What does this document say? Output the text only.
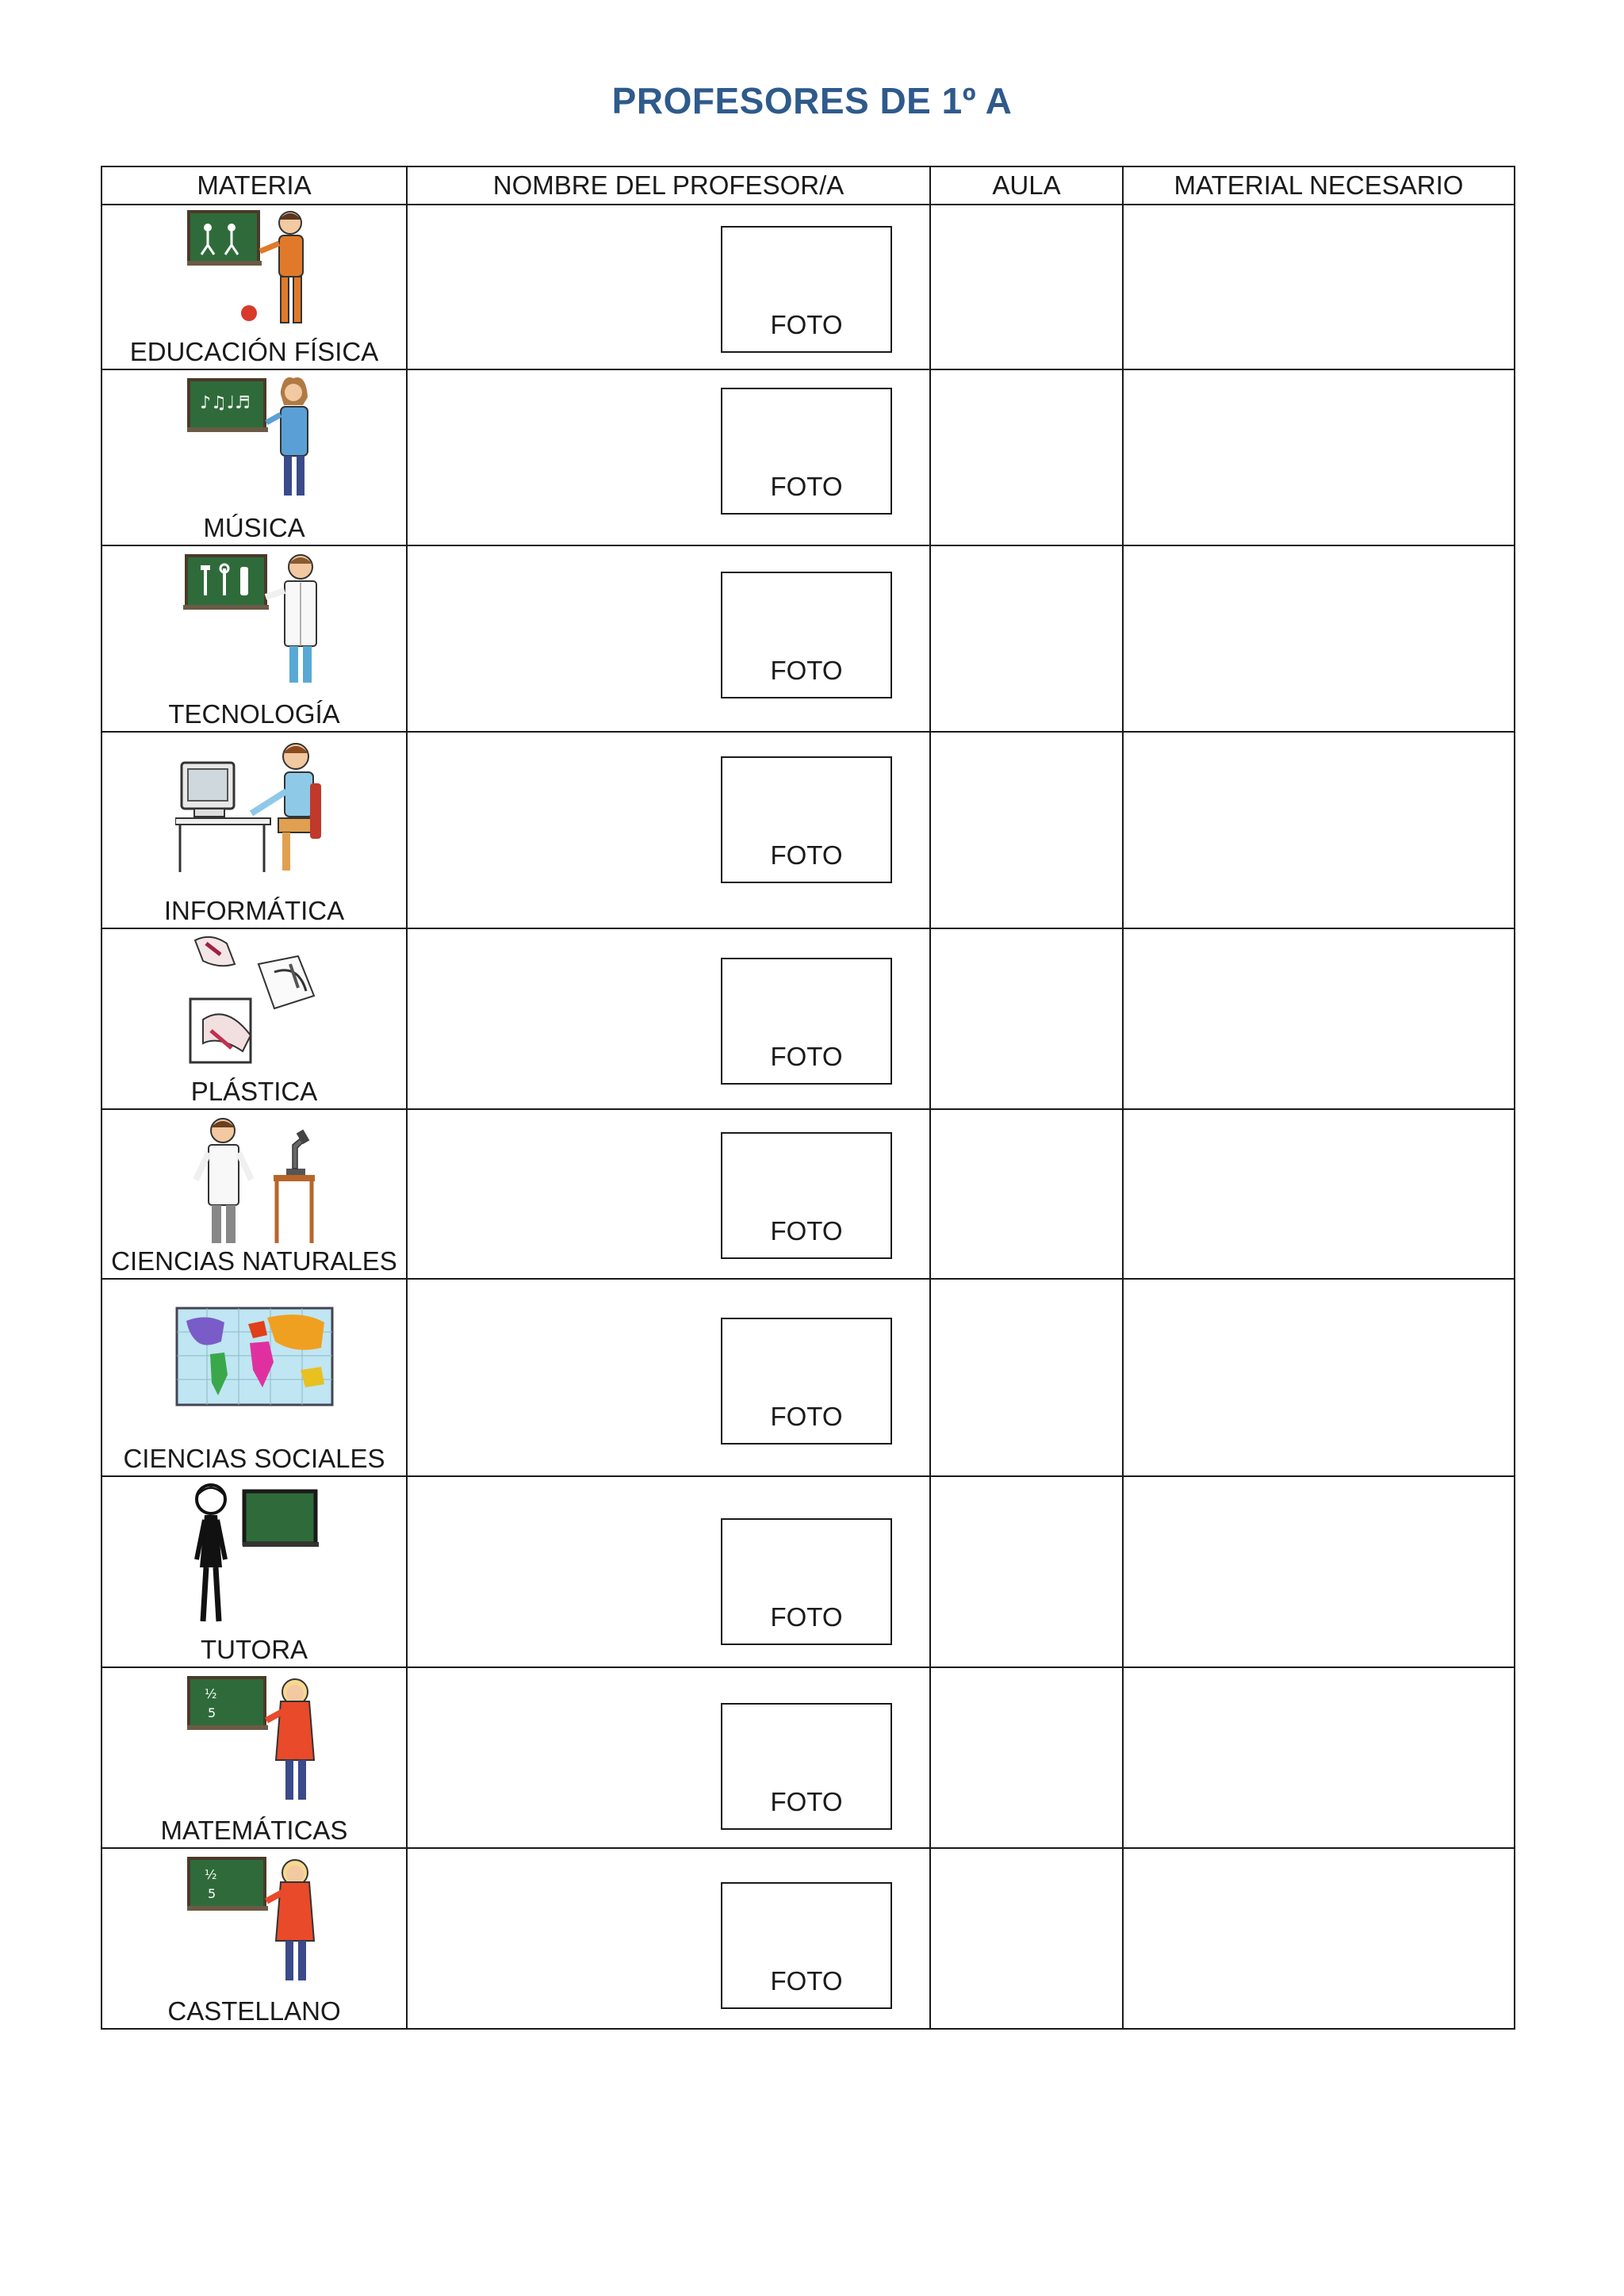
PROFESORES DE 1º A
MATERIA	NOMBRE DEL PROFESOR/A	AULA	MATERIAL NECESARIO

EDUCACIÓN FÍSICA	FOTO		

♪♫♩♬
MÚSICA	FOTO		

TECNOLOGÍA	FOTO		

INFORMÁTICA	FOTO		

PLÁSTICA	FOTO		

CIENCIAS NATURALES	FOTO		

CIENCIAS SOCIALES	FOTO		

TUTORA	FOTO		

½
5
MATEMÁTICAS	FOTO		

½
5
CASTELLANO	FOTO		
